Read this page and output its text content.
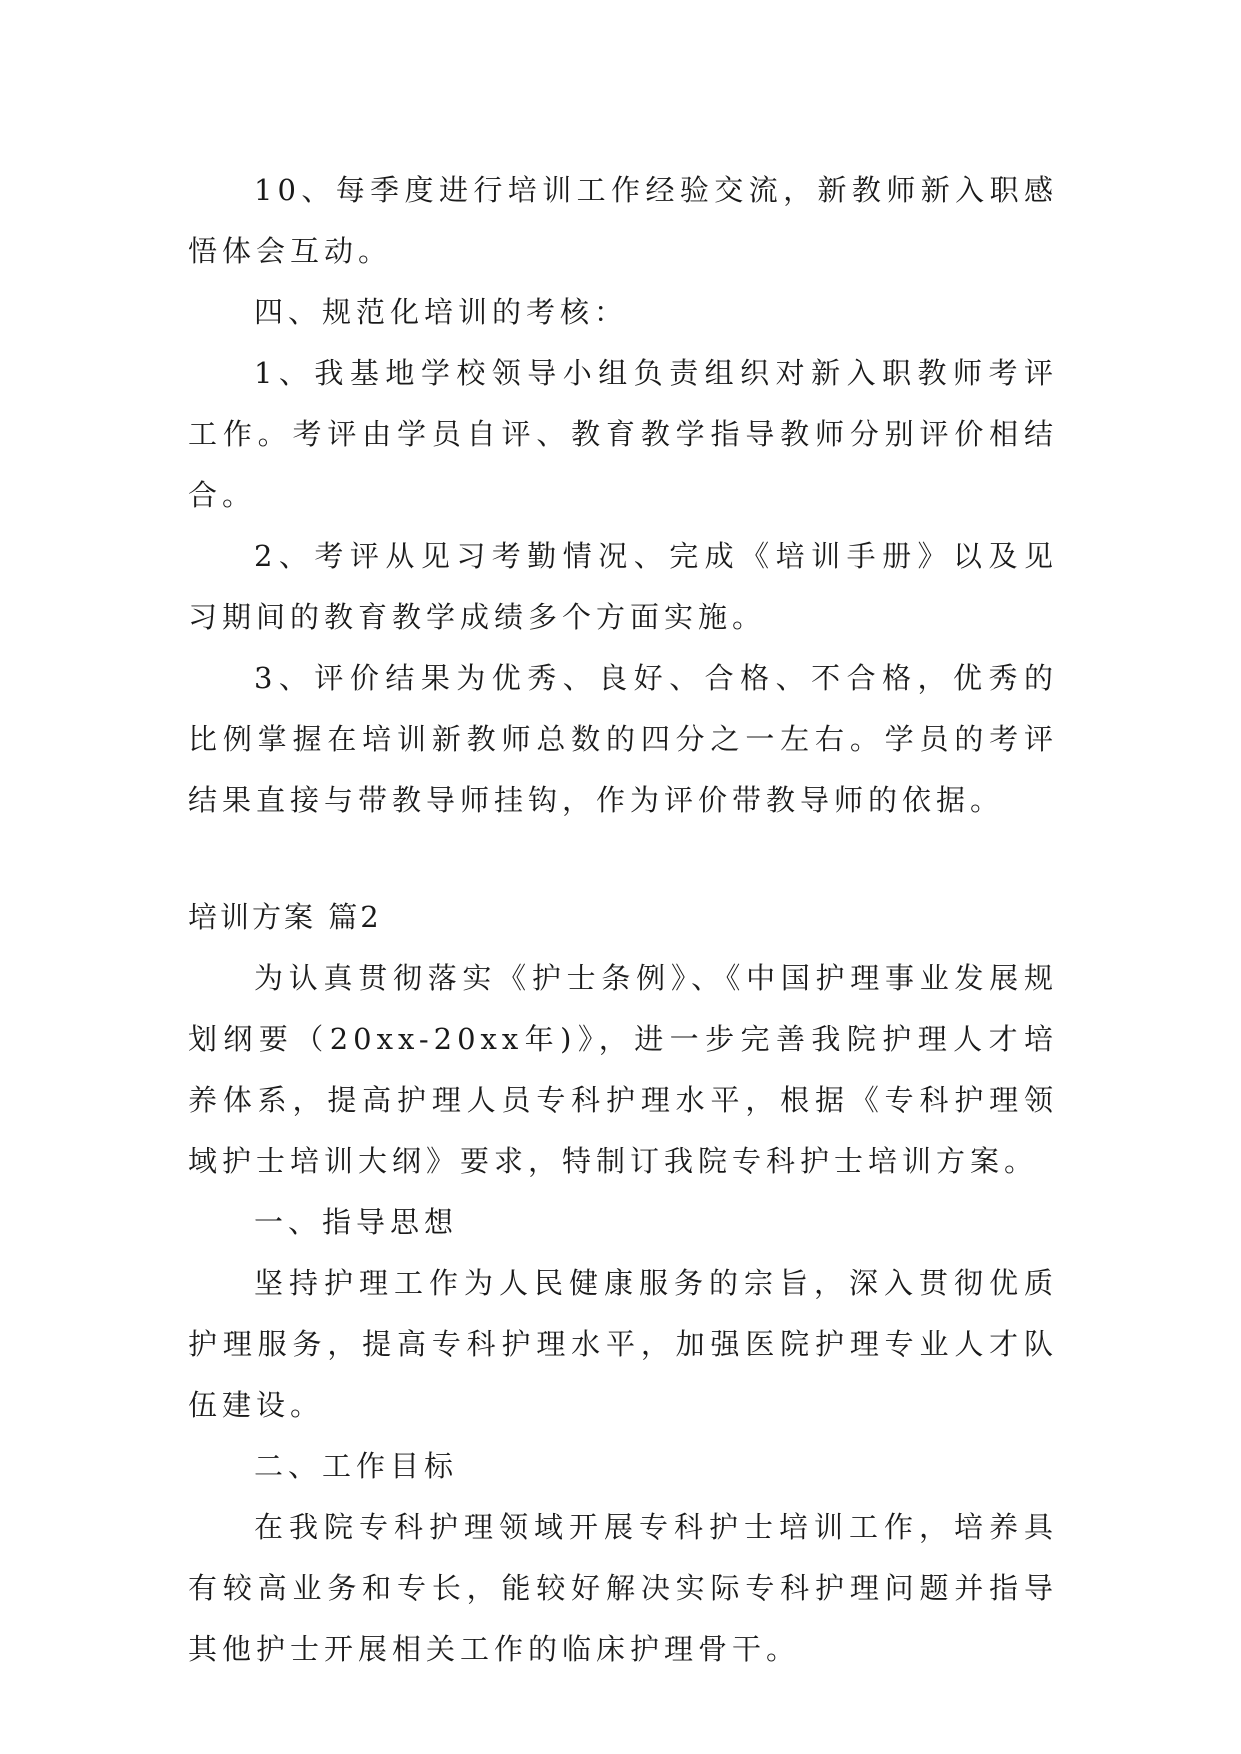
10、每季度进行培训工作经验交流，新教师新入职感悟体会互动。

四、规范化培训的考核：

1、我基地学校领导小组负责组织对新入职教师考评工作。考评由学员自评、教育教学指导教师分别评价相结合。

2、考评从见习考勤情况、完成《培训手册》以及见习期间的教育教学成绩多个方面实施。

3、评价结果为优秀、良好、合格、不合格，优秀的比例掌握在培训新教师总数的四分之一左右。学员的考评结果直接与带教导师挂钩，作为评价带教导师的依据。

培训方案 篇2

为认真贯彻落实《护士条例》、《中国护理事业发展规划纲要（20xx-20xx年)》，进一步完善我院护理人才培养体系，提高护理人员专科护理水平，根据《专科护理领域护士培训大纲》要求，特制订我院专科护士培训方案。

一、指导思想

坚持护理工作为人民健康服务的宗旨，深入贯彻优质护理服务，提高专科护理水平，加强医院护理专业人才队伍建设。

二、工作目标

在我院专科护理领域开展专科护士培训工作，培养具有较高业务和专长，能较好解决实际专科护理问题并指导其他护士开展相关工作的临床护理骨干。
